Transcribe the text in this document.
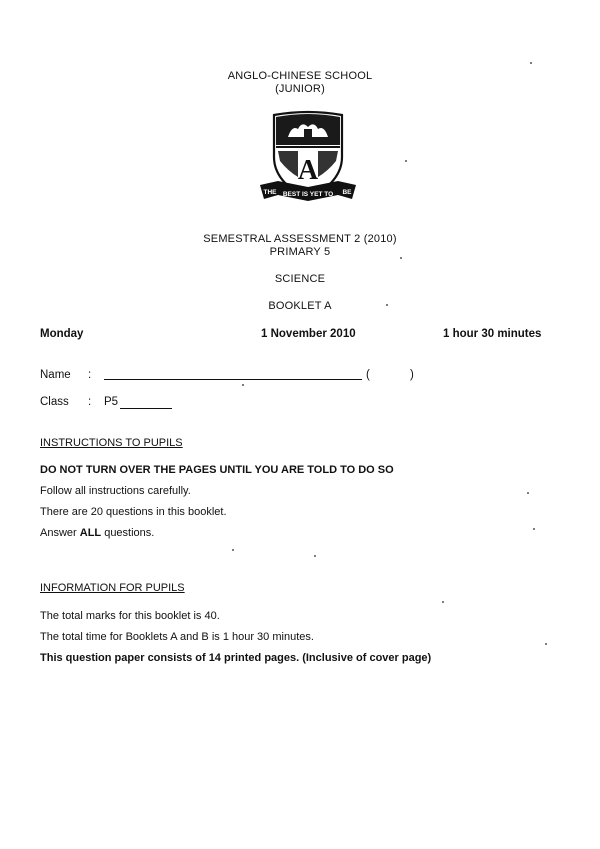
ANGLO-CHINESE SCHOOL
(JUNIOR)
A
THE BEST IS YET TO BE
SEMESTRAL ASSESSMENT 2 (2010)
PRIMARY 5
SCIENCE
BOOKLET A
Monday	1 November 2010	1 hour 30 minutes
Name :	(	)
Class : P5
INSTRUCTIONS TO PUPILS
DO NOT TURN OVER THE PAGES UNTIL YOU ARE TOLD TO DO SO
Follow all instructions carefully.
There are 20 questions in this booklet.
Answer ALL questions.
INFORMATION FOR PUPILS
The total marks for this booklet is 40.
The total time for Booklets A and B is 1 hour 30 minutes.
This question paper consists of 14 printed pages. (Inclusive of cover page)
